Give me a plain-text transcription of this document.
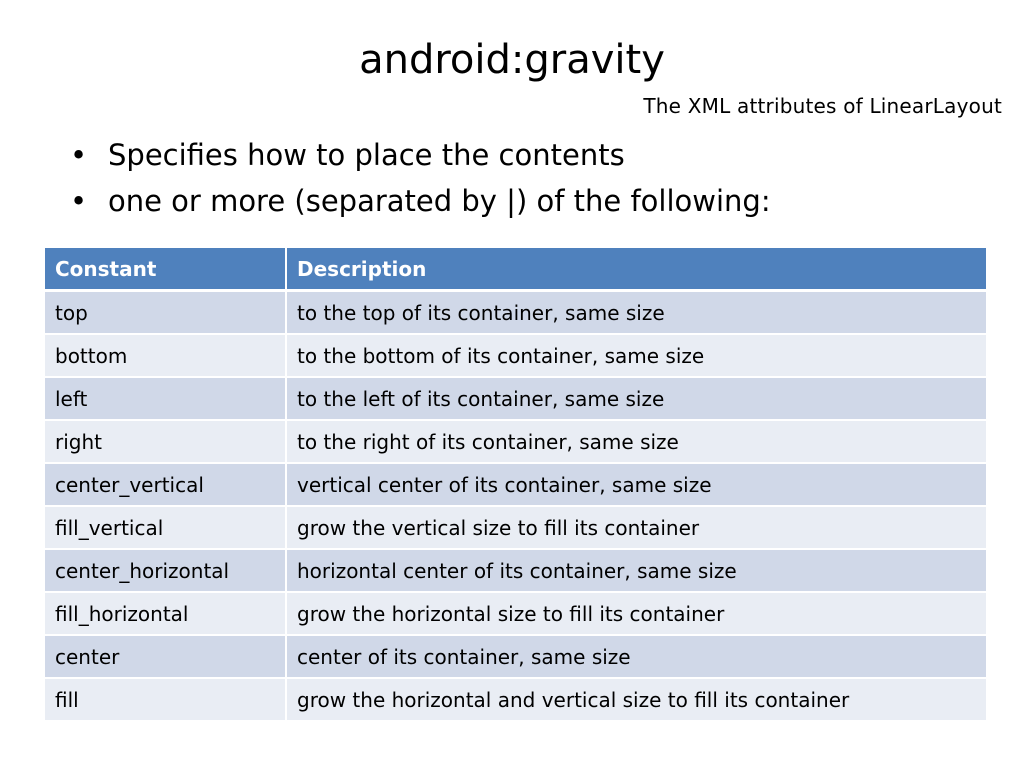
android:gravity
The XML attributes of LinearLayout
• Specifies how to place the contents
• one or more (separated by |) of the following:
Constant	Description
top	to the top of its container, same size
bottom	to the bottom of its container, same size
left	to the left of its container, same size
right	to the right of its container, same size
center_vertical	vertical center of its container, same size
fill_vertical	grow the vertical size to fill its container
center_horizontal	horizontal center of its container, same size
fill_horizontal	grow the horizontal size to fill its container
center	center of its container, same size
fill	grow the horizontal and vertical size to fill its container
